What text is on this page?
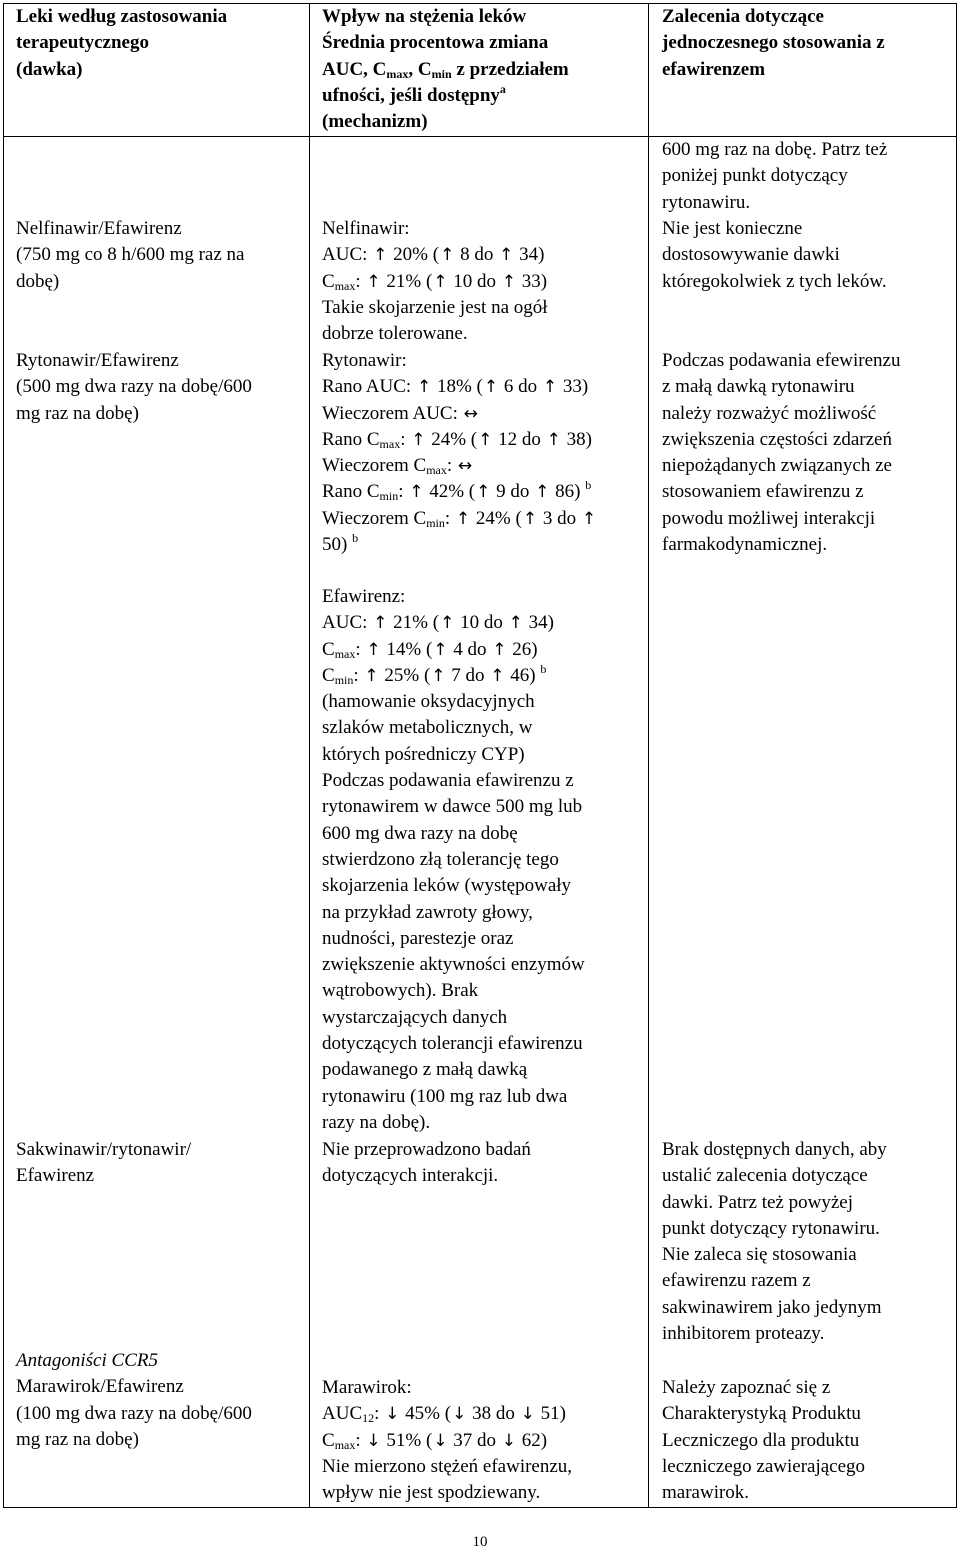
Leki według zastosowania
terapeutycznego
(dawka)
Wpływ na stężenia leków
Średnia procentowa zmiana
AUC, Cmax, Cmin z przedziałem
ufności, jeśli dostępny$^a$
(mechanizm)
Zalecenia dotyczące
jednoczesnego stosowania z
efawirenzem
600 mg raz na dobę. Patrz też
poniżej punkt dotyczący
rytonawiru.
Nelfinawir/Efawirenz
(750 mg co 8 h/600 mg raz na
dobę)
Nelfinawir:
AUC: ↑ 20% (↑ 8 do ↑ 34)
Cmax: ↑ 21% (↑ 10 do ↑ 33)
Takie skojarzenie jest na ogół
dobrze tolerowane.
Nie jest konieczne
dostosowywanie dawki
któregokolwiek z tych leków.
Rytonawir/Efawirenz
(500 mg dwa razy na dobę/600
mg raz na dobę)
Rytonawir:
Rano AUC: ↑ 18% (↑ 6 do ↑ 33)
Wieczorem AUC: ↔
Rano Cmax: ↑ 24% (↑ 12 do ↑ 38)
Wieczorem Cmax: ↔
Rano Cmin: ↑ 42% (↑ 9 do ↑ 86) $^b$
Wieczorem Cmin: ↑ 24% (↑ 3 do ↑
50) $^b$
Efawirenz:
AUC: ↑ 21% (↑ 10 do ↑ 34)
Cmax: ↑ 14% (↑ 4 do ↑ 26)
Cmin: ↑ 25% (↑ 7 do ↑ 46) $^b$
(hamowanie oksydacyjnych
szlaków metabolicznych, w
których pośredniczy CYP)
Podczas podawania efawirenzu z
rytonawirem w dawce 500 mg lub
600 mg dwa razy na dobę
stwierdzono złą tolerancję tego
skojarzenia leków (występowały
na przykład zawroty głowy,
nudności, parestezje oraz
zwiększenie aktywności enzymów
wątrobowych). Brak
wystarczających danych
dotyczących tolerancji efawirenzu
podawanego z małą dawką
rytonawiru (100 mg raz lub dwa
razy na dobę).
Podczas podawania efewirenzu
z małą dawką rytonawiru
należy rozważyć możliwość
zwiększenia częstości zdarzeń
niepożądanych związanych ze
stosowaniem efawirenzu z
powodu możliwej interakcji
farmakodynamicznej.
Sakwinawir/rytonawir/
Efawirenz
Nie przeprowadzono badań
dotyczących interakcji.
Brak dostępnych danych, aby
ustalić zalecenia dotyczące
dawki. Patrz też powyżej
punkt dotyczący rytonawiru.
Nie zaleca się stosowania
efawirenzu razem z
sakwinawirem jako jedynym
inhibitorem proteazy.
Antagoniści CCR5
Marawirok/Efawirenz
(100 mg dwa razy na dobę/600
mg raz na dobę)
Marawirok:
AUC12: ↓ 45% (↓ 38 do ↓ 51)
Cmax: ↓ 51% (↓ 37 do ↓ 62)
Nie mierzono stężeń efawirenzu,
wpływ nie jest spodziewany.
Należy zapoznać się z
Charakterystyką Produktu
Leczniczego dla produktu
leczniczego zawierającego
marawirok.
10
